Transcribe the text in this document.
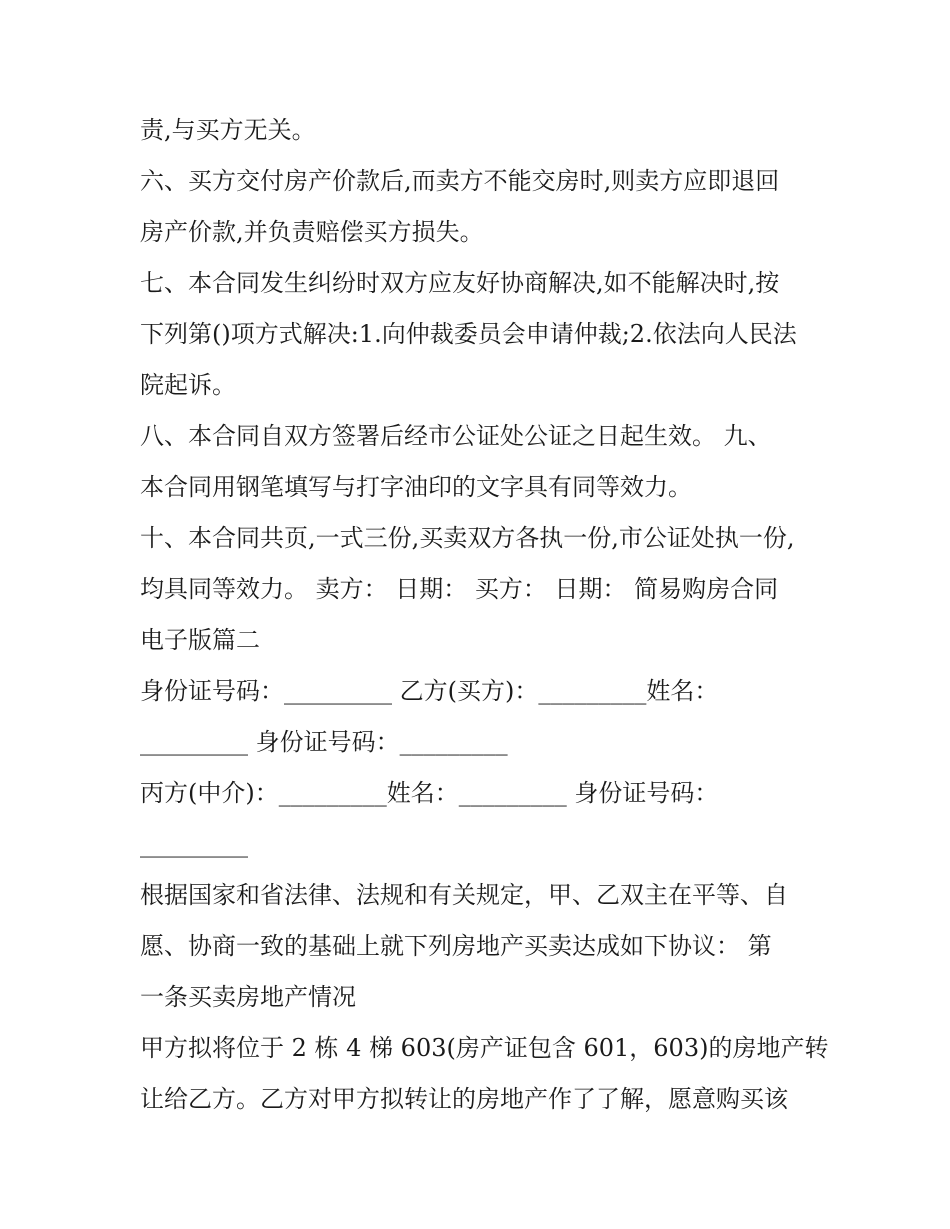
责,与买方无关。
六、买方交付房产价款后,而卖方不能交房时,则卖方应即退回
房产价款,并负责赔偿买方损失。
七、本合同发生纠纷时双方应友好协商解决,如不能解决时,按
下列第()项方式解决:1.向仲裁委员会申请仲裁;2.依法向人民法
院起诉。
八、本合同自双方签署后经市公证处公证之日起生效。 九、
本合同用钢笔填写与打字油印的文字具有同等效力。
十、本合同共页,一式三份,买卖双方各执一份,市公证处执一份,
均具同等效力。 卖方： 日期： 买方： 日期： 简易购房合同
电子版篇二
身份证号码：_________ 乙方(买方)：_________姓名：
_________ 身份证号码：_________
丙方(中介)：_________姓名：_________ 身份证号码：
_________
根据国家和省法律、法规和有关规定，甲、乙双主在平等、自
愿、协商一致的基础上就下列房地产买卖达成如下协议： 第
一条买卖房地产情况
甲方拟将位于 2 栋 4 梯 603(房产证包含 601，603)的房地产转
让给乙方。乙方对甲方拟转让的房地产作了了解，愿意购买该
